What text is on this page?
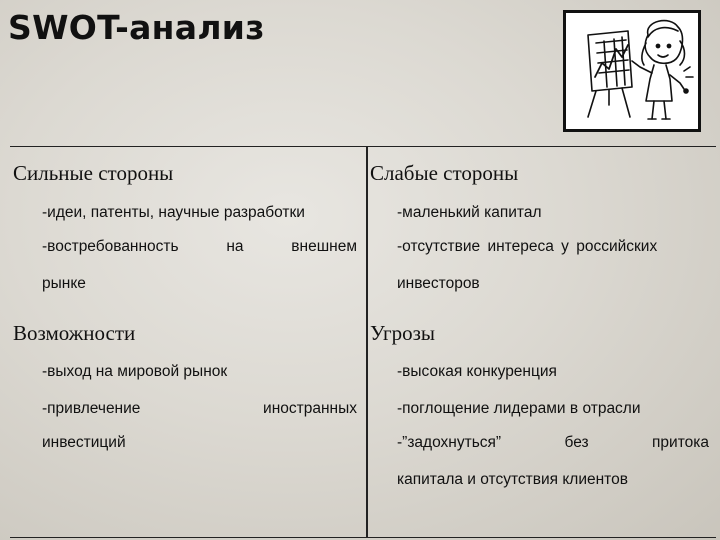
SWOT-анализ
Сильные стороны
-идеи, патенты, научные разработки
-востребованность	на	внешнем
рынке
Слабые стороны
-маленький капитал
-отсутствие интереса у российских
инвесторов
Возможности
-выход на мировой рынок
-привлечение	иностранных
инвестиций
Угрозы
-высокая конкуренция
-поглощение лидерами в отрасли
-”задохнуться”	без	притока
капитала и отсутствия клиентов
